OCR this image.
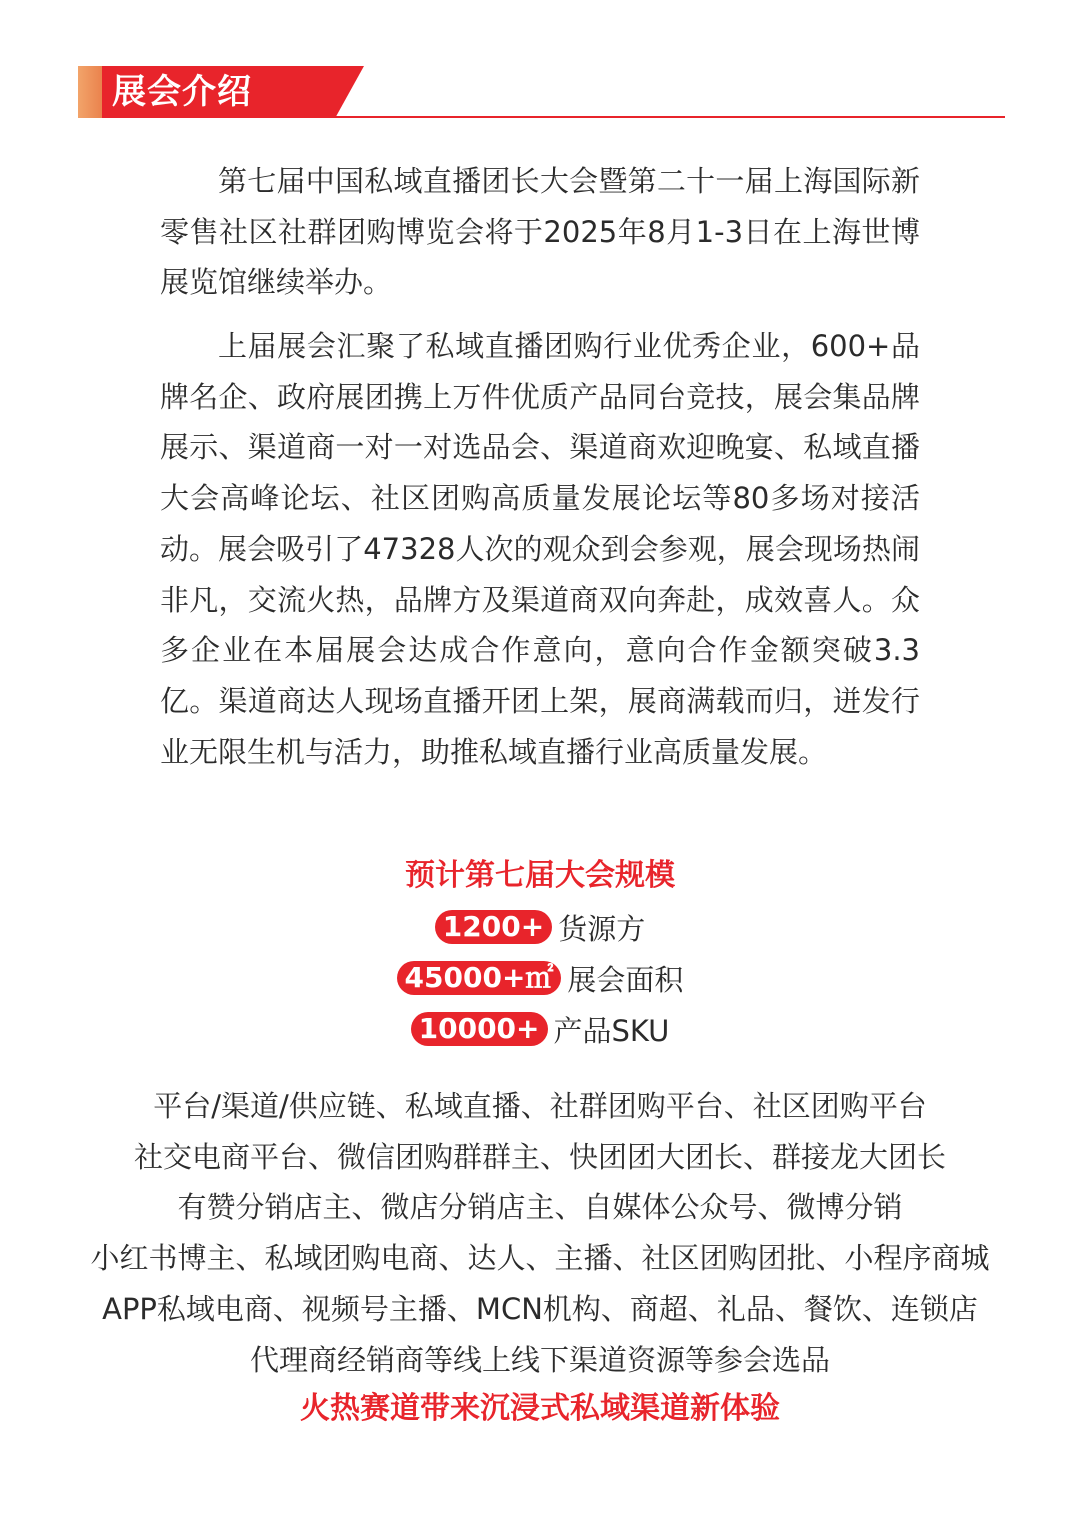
展会介绍

第七届中国私域直播团长大会暨第二十一届上海国际新零售社区社群团购博览会将于2025年8月1-3日在上海世博展览馆继续举办。

上届展会汇聚了私域直播团购行业优秀企业，600+品牌名企、政府展团携上万件优质产品同台竞技，展会集品牌展示、渠道商一对一对选品会、渠道商欢迎晚宴、私域直播大会高峰论坛、社区团购高质量发展论坛等80多场对接活动。展会吸引了47328人次的观众到会参观，展会现场热闹非凡，交流火热，品牌方及渠道商双向奔赴，成效喜人。众多企业在本届展会达成合作意向，意向合作金额突破3.3亿。渠道商达人现场直播开团上架，展商满载而归，迸发行业无限生机与活力，助推私域直播行业高质量发展。

预计第七届大会规模
1200+ 货源方
45000+㎡ 展会面积
10000+ 产品SKU
平台/渠道/供应链、私域直播、社群团购平台、社区团购平台
社交电商平台、微信团购群群主、快团团大团长、群接龙大团长
有赞分销店主、微店分销店主、自媒体公众号、微博分销
小红书博主、私域团购电商、达人、主播、社区团购团批、小程序商城
APP私域电商、视频号主播、MCN机构、商超、礼品、餐饮、连锁店
代理商经销商等线上线下渠道资源等参会选品
火热赛道带来沉浸式私域渠道新体验
